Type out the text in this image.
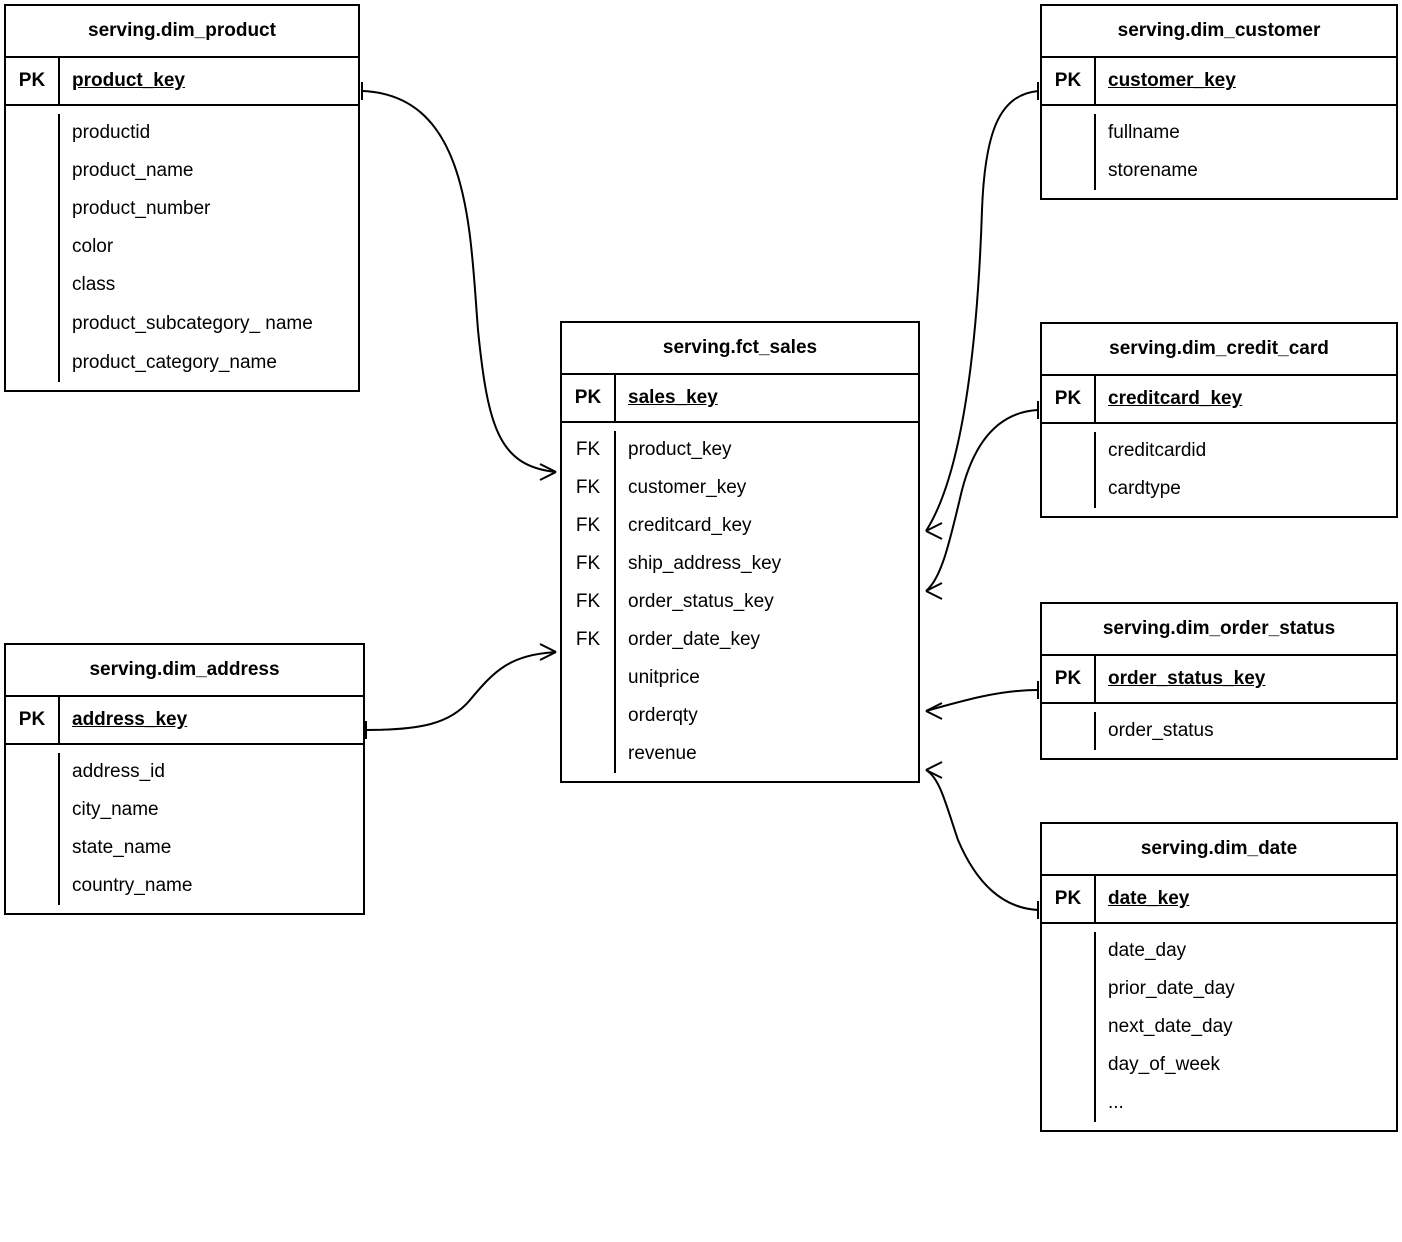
serving.dim_product
PK	product_key
productid
product_name
product_number
color
class
product_subcategory_ name
product_category_name
serving.dim_address
PK	address_key
address_id
city_name
state_name
country_name
serving.fct_sales
PK	sales_key
FK	product_key
FK	customer_key
FK	creditcard_key
FK	ship_address_key
FK	order_status_key
FK	order_date_key
unitprice
orderqty
revenue
serving.dim_customer
PK	customer_key
fullname
storename
serving.dim_credit_card
PK	creditcard_key
creditcardid
cardtype
serving.dim_order_status
PK	order_status_key
order_status
serving.dim_date
PK	date_key
date_day
prior_date_day
next_date_day
day_of_week
...
